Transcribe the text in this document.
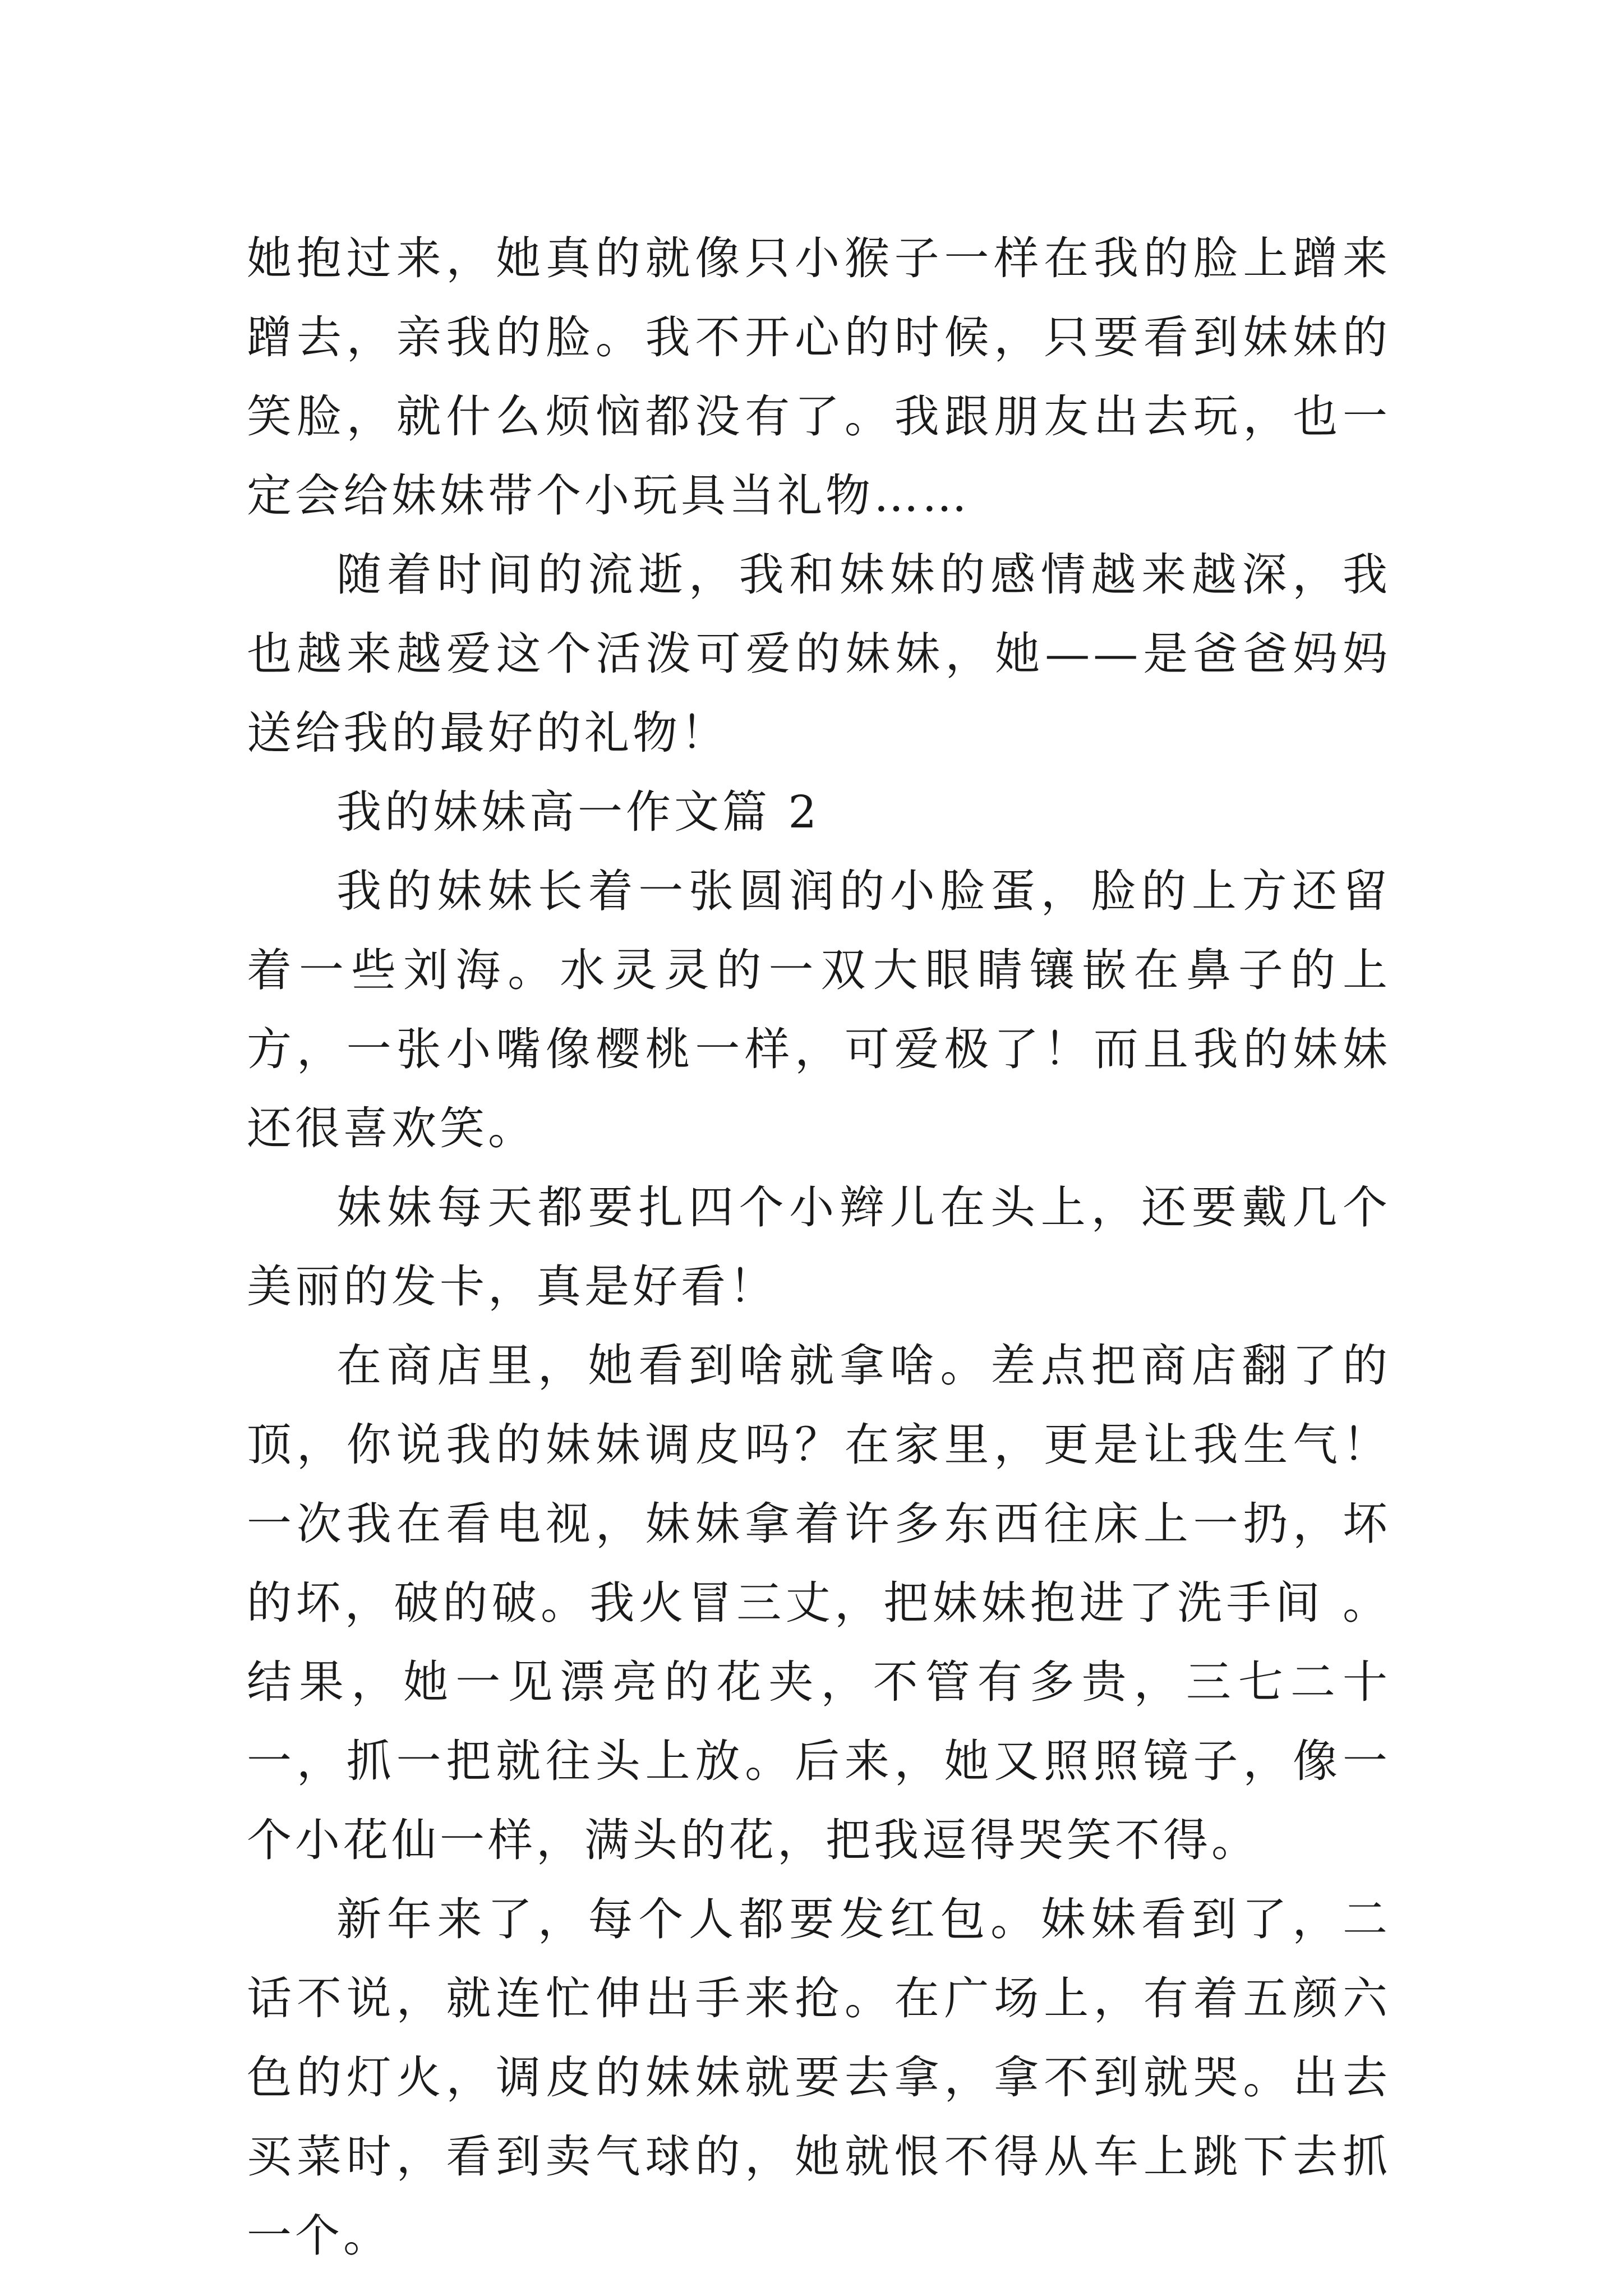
她抱过来，她真的就像只小猴子一样在我的脸上蹭来蹭去，亲我的脸。我不开心的时候，只要看到妹妹的笑脸，就什么烦恼都没有了。我跟朋友出去玩，也一定会给妹妹带个小玩具当礼物……

随着时间的流逝，我和妹妹的感情越来越深，我也越来越爱这个活泼可爱的妹妹，她——是爸爸妈妈送给我的最好的礼物！

我的妹妹高一作文篇 2

我的妹妹长着一张圆润的小脸蛋，脸的上方还留着一些刘海。水灵灵的一双大眼睛镶嵌在鼻子的上方，一张小嘴像樱桃一样，可爱极了！而且我的妹妹还很喜欢笑。

妹妹每天都要扎四个小辫儿在头上，还要戴几个美丽的发卡，真是好看！

在商店里，她看到啥就拿啥。差点把商店翻了的顶，你说我的妹妹调皮吗？在家里，更是让我生气！一次我在看电视，妹妹拿着许多东西往床上一扔，坏的坏，破的破。我火冒三丈，把妹妹抱进了洗手间 。结果，她一见漂亮的花夹，不管有多贵，三七二十一，抓一把就往头上放。后来，她又照照镜子，像一个小花仙一样，满头的花，把我逗得哭笑不得。

新年来了，每个人都要发红包。妹妹看到了，二话不说，就连忙伸出手来抢。在广场上，有着五颜六色的灯火，调皮的妹妹就要去拿，拿不到就哭。出去买菜时，看到卖气球的，她就恨不得从车上跳下去抓一个。
